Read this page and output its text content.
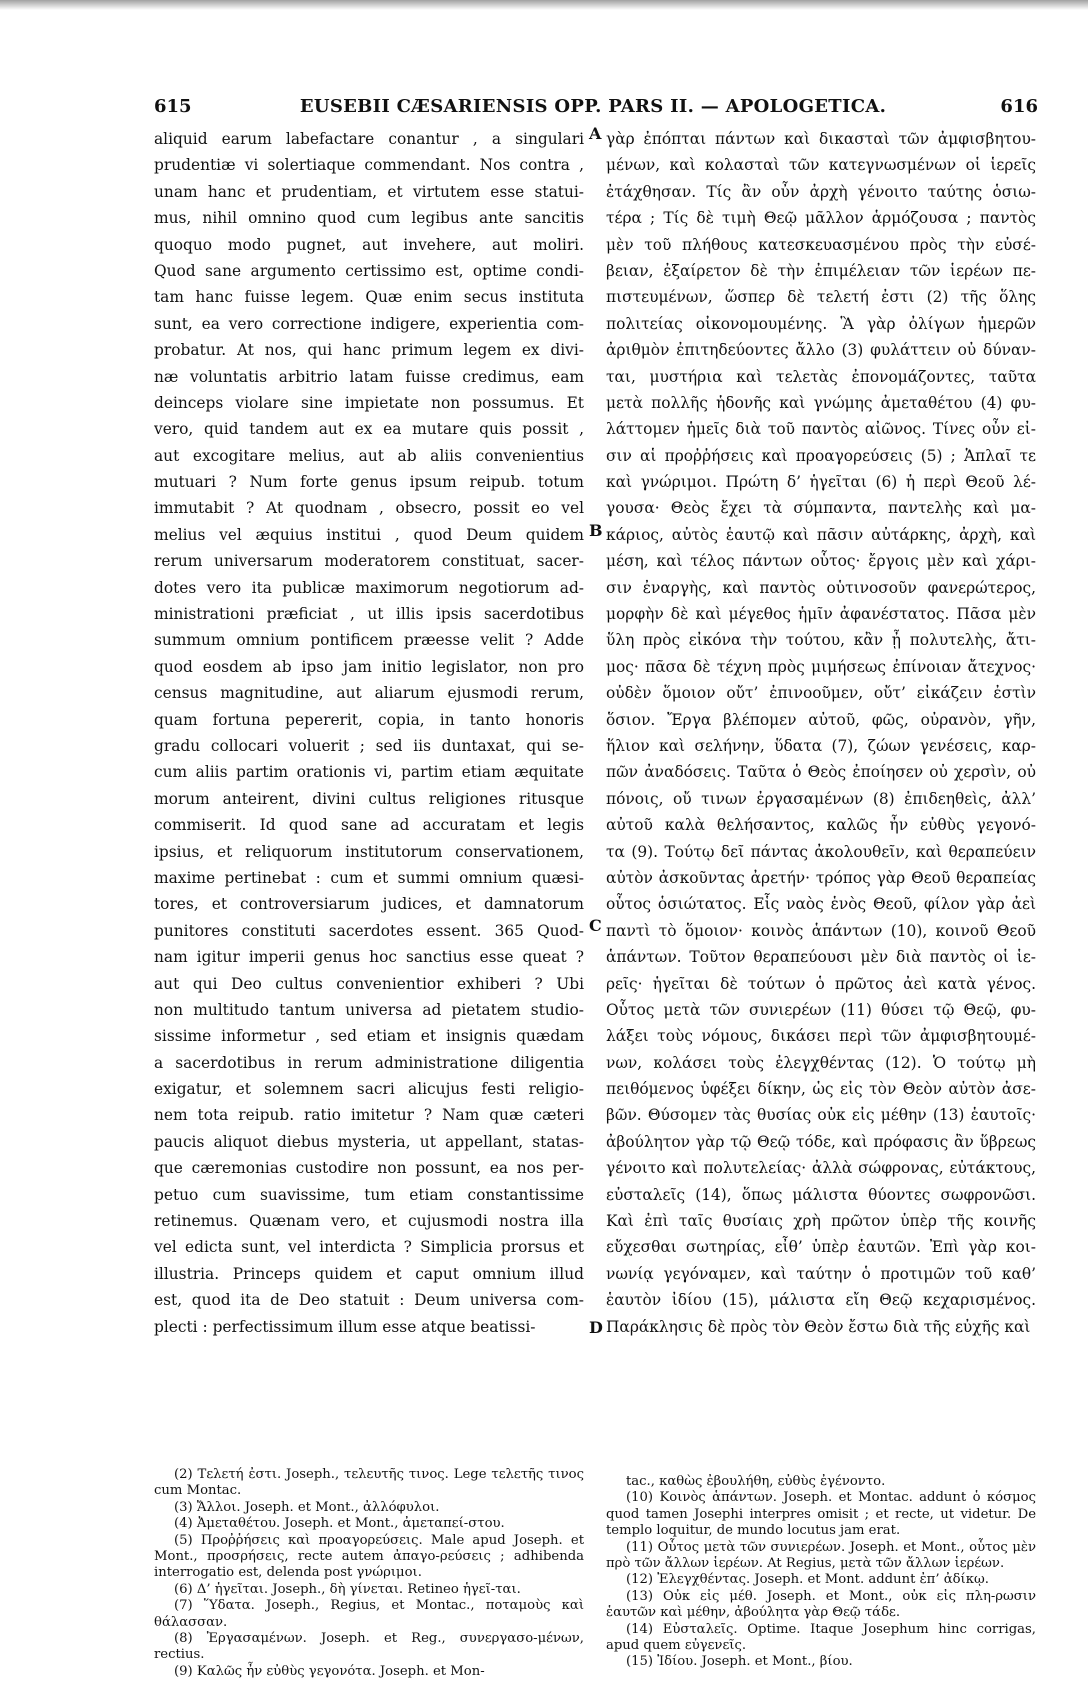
615	EUSEBII CÆSARIENSIS OPP. PARS II. — APOLOGETICA.	616
aliquid earum labefactare conantur , a singulari
prudentiæ vi solertiaque commendant. Nos contra ,
unam hanc et prudentiam, et virtutem esse statui-
mus, nihil omnino quod cum legibus ante sancitis
quoquo modo pugnet, aut invehere, aut moliri.
Quod sane argumento certissimo est, optime condi-
tam hanc fuisse legem. Quæ enim secus instituta
sunt, ea vero correctione indigere, experientia com-
probatur. At nos, qui hanc primum legem ex divi-
næ voluntatis arbitrio latam fuisse credimus, eam
deinceps violare sine impietate non possumus. Et
vero, quid tandem aut ex ea mutare quis possit ,
aut excogitare melius, aut ab aliis convenientius
mutuari ? Num forte genus ipsum reipub. totum
immutabit ? At quodnam , obsecro, possit eo vel
melius vel æquius institui , quod Deum quidem
rerum universarum moderatorem constituat, sacer-
dotes vero ita publicæ maximorum negotiorum ad-
ministrationi præficiat , ut illis ipsis sacerdotibus
summum omnium pontificem præesse velit ? Adde
quod eosdem ab ipso jam initio legislator, non pro
census magnitudine, aut aliarum ejusmodi rerum,
quam fortuna pepererit, copia, in tanto honoris
gradu collocari voluerit ; sed iis duntaxat, qui se-
cum aliis partim orationis vi, partim etiam æquitate
morum anteirent, divini cultus religiones ritusque
commiserit. Id quod sane ad accuratam et legis
ipsius, et reliquorum institutorum conservationem,
maxime pertinebat : cum et summi omnium quæsi-
tores, et controversiarum judices, et damnatorum
punitores constituti sacerdotes essent. 365 Quod-
nam igitur imperii genus hoc sanctius esse queat ?
aut qui Deo cultus convenientior exhiberi ? Ubi
non multitudo tantum universa ad pietatem studio-
sissime informetur , sed etiam et insignis quædam
a sacerdotibus in rerum administratione diligentia
exigatur, et solemnem sacri alicujus festi religio-
nem tota reipub. ratio imitetur ? Nam quæ cæteri
paucis aliquot diebus mysteria, ut appellant, statas-
que cæremonias custodire non possunt, ea nos per-
petuo cum suavissime, tum etiam constantissime
retinemus. Quænam vero, et cujusmodi nostra illa
vel edicta sunt, vel interdicta ? Simplicia prorsus et
illustria. Princeps quidem et caput omnium illud
est, quod ita de Deo statuit : Deum universa com-
plecti : perfectissimum illum esse atque beatissi-
γὰρ ἐπόπται πάντων καὶ δικασταὶ τῶν ἀμφισβητου-
μένων, καὶ κολασταὶ τῶν κατεγνωσμένων οἱ ἱερεῖς
ἐτάχθησαν. Τίς ἂν οὖν ἀρχὴ γένοιτο ταύτης ὁσιω-
τέρα ; Τίς δὲ τιμὴ Θεῷ μᾶλλον ἁρμόζουσα ; παντὸς
μὲν τοῦ πλήθους κατεσκευασμένου πρὸς τὴν εὐσέ-
βειαν, ἐξαίρετον δὲ τὴν ἐπιμέλειαν τῶν ἱερέων πε-
πιστευμένων, ὥσπερ δὲ τελετή ἐστι (2) τῆς ὅλης
πολιτείας οἰκονομουμένης. Ἃ γὰρ ὀλίγων ἡμερῶν
ἀριθμὸν ἐπιτηδεύοντες ἄλλο (3) φυλάττειν οὐ δύναν-
ται, μυστήρια καὶ τελετὰς ἐπονομάζοντες, ταῦτα
μετὰ πολλῆς ἡδονῆς καὶ γνώμης ἀμεταθέτου (4) φυ-
λάττομεν ἡμεῖς διὰ τοῦ παντὸς αἰῶνος. Τίνες οὖν εἰ-
σιν αἱ προῤῥήσεις καὶ προαγορεύσεις (5) ; Ἁπλαῖ τε
καὶ γνώριμοι. Πρώτη δ’ ἡγεῖται (6) ἡ περὶ Θεοῦ λέ-
γουσα· Θεὸς ἔχει τὰ σύμπαντα, παντελὴς καὶ μα-
κάριος, αὐτὸς ἑαυτῷ καὶ πᾶσιν αὐτάρκης, ἀρχὴ, καὶ
μέση, καὶ τέλος πάντων οὗτος· ἔργοις μὲν καὶ χάρι-
σιν ἐναργὴς, καὶ παντὸς οὑτινοσοῦν φανερώτερος,
μορφὴν δὲ καὶ μέγεθος ἡμῖν ἀφανέστατος. Πᾶσα μὲν
ὕλη πρὸς εἰκόνα τὴν τούτου, κἂν ᾖ πολυτελὴς, ἄτι-
μος· πᾶσα δὲ τέχνη πρὸς μιμήσεως ἐπίνοιαν ἄτεχνος·
οὐδὲν ὅμοιον οὔτ’ ἐπινοοῦμεν, οὔτ’ εἰκάζειν ἐστὶν
ὅσιον. Ἔργα βλέπομεν αὐτοῦ, φῶς, οὐρανὸν, γῆν,
ἥλιον καὶ σελήνην, ὕδατα (7), ζώων γενέσεις, καρ-
πῶν ἀναδόσεις. Ταῦτα ὁ Θεὸς ἐποίησεν οὐ χερσὶν, οὐ
πόνοις, οὔ τινων ἐργασαμένων (8) ἐπιδεηθεὶς, ἀλλ’
αὐτοῦ καλὰ θελήσαντος, καλῶς ἦν εὐθὺς γεγονό-
τα (9). Τούτῳ δεῖ πάντας ἀκολουθεῖν, καὶ θεραπεύειν
αὐτὸν ἀσκοῦντας ἀρετήν· τρόπος γὰρ Θεοῦ θεραπείας
οὗτος ὁσιώτατος. Εἷς ναὸς ἑνὸς Θεοῦ, φίλον γὰρ ἀεὶ
παντὶ τὸ ὅμοιον· κοινὸς ἁπάντων (10), κοινοῦ Θεοῦ
ἁπάντων. Τοῦτον θεραπεύουσι μὲν διὰ παντὸς οἱ ἱε-
ρεῖς· ἡγεῖται δὲ τούτων ὁ πρῶτος ἀεὶ κατὰ γένος.
Οὗτος μετὰ τῶν συνιερέων (11) θύσει τῷ Θεῷ, φυ-
λάξει τοὺς νόμους, δικάσει περὶ τῶν ἀμφισβητουμέ-
νων, κολάσει τοὺς ἐλεγχθέντας (12). Ὁ τούτῳ μὴ
πειθόμενος ὑφέξει δίκην, ὡς εἰς τὸν Θεὸν αὐτὸν ἀσε-
βῶν. Θύσομεν τὰς θυσίας οὐκ εἰς μέθην (13) ἑαυτοῖς·
ἀβούλητον γὰρ τῷ Θεῷ τόδε, καὶ πρόφασις ἂν ὕβρεως
γένοιτο καὶ πολυτελείας· ἀλλὰ σώφρονας, εὐτάκτους,
εὐσταλεῖς (14), ὅπως μάλιστα θύοντες σωφρονῶσι.
Καὶ ἐπὶ ταῖς θυσίαις χρὴ πρῶτον ὑπὲρ τῆς κοινῆς
εὔχεσθαι σωτηρίας, εἶθ’ ὑπὲρ ἑαυτῶν. Ἐπὶ γὰρ κοι-
νωνίᾳ γεγόναμεν, καὶ ταύτην ὁ προτιμῶν τοῦ καθ’
ἑαυτὸν ἰδίου (15), μάλιστα εἴη Θεῷ κεχαρισμένος.
Παράκλησις δὲ πρὸς τὸν Θεὸν ἔστω διὰ τῆς εὐχῆς καὶ
A
B
C
D
(2) Τελετή ἐστι. Joseph., τελευτῆς τινος. Lege τελετῆς τινος cum Montac.
(3) Ἄλλοι. Joseph. et Mont., ἀλλόφυλοι.
(4) Ἀμεταθέτου. Joseph. et Mont., ἀμεταπεί-στου.
(5) Προῤῥήσεις καὶ προαγορεύσεις. Male apud Joseph. et Mont., προσρήσεις, recte autem ἀπαγο-ρεύσεις ; adhibenda interrogatio est, delenda post γνώριμοι.
(6) Δ’ ἡγεῖται. Joseph., δὴ γίνεται. Retineo ἡγεῖ-ται.
(7) Ὕδατα. Joseph., Regius, et Montac., ποταμοὺς καὶ θάλασσαν.
(8) Ἐργασαμένων. Joseph. et Reg., συνεργασο-μένων, rectius.
(9) Καλῶς ἦν εὐθὺς γεγονότα. Joseph. et Mon-
tac., καθὼς ἐβουλήθη, εὐθὺς ἐγένοντο.
(10) Κοινὸς ἁπάντων. Joseph. et Montac. addunt ὁ κόσμος quod tamen Josephi interpres omisit ; et recte, ut videtur. De templo loquitur, de mundo locutus jam erat.
(11) Οὗτος μετὰ τῶν συνιερέων. Joseph. et Mont., οὗτος μὲν πρὸ τῶν ἄλλων ἱερέων. At Regius, μετὰ τῶν ἄλλων ἱερέων.
(12) Ἐλεγχθέντας. Joseph. et Mont. addunt ἐπ’ ἀδίκῳ.
(13) Οὐκ εἰς μέθ. Joseph. et Mont., οὐκ εἰς πλη-ρωσιν ἑαυτῶν καὶ μέθην, ἀβούλητα γὰρ Θεῷ τάδε.
(14) Εὐσταλεῖς. Optime. Itaque Josephum hinc corrigas, apud quem εὐγενεῖς.
(15) Ἰδίου. Joseph. et Mont., βίου.
